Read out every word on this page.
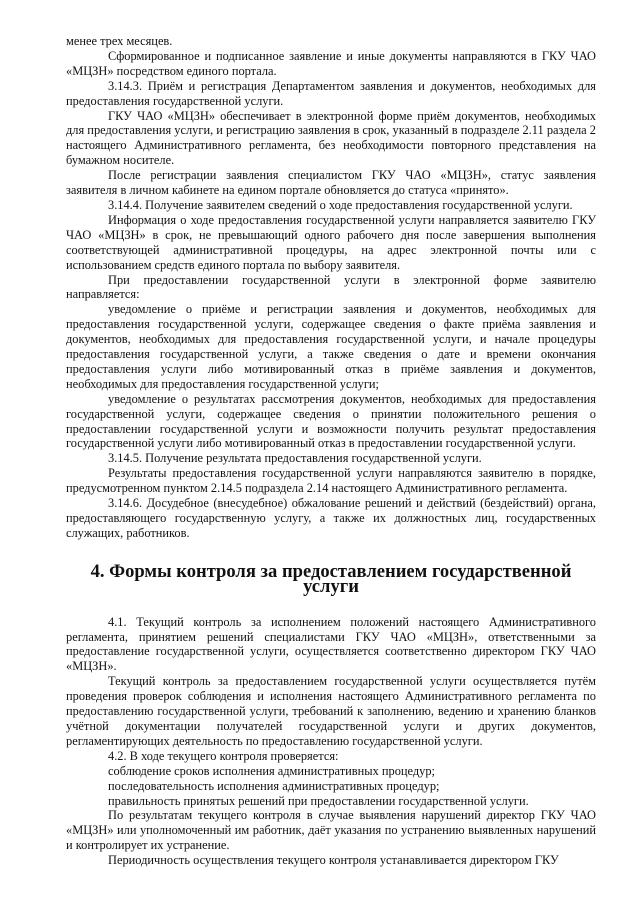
менее трех месяцев.

Сформированное и подписанное заявление и иные документы направляются в ГКУ ЧАО «МЦЗН» посредством единого портала.

3.14.3. Приём и регистрация Департаментом заявления и документов, необходимых для предоставления государственной услуги.

ГКУ ЧАО «МЦЗН» обеспечивает в электронной форме приём документов, необходимых для предоставления услуги, и регистрацию заявления в срок, указанный в подразделе 2.11 раздела 2 настоящего Административного регламента, без необходимости повторного представления на бумажном носителе.

После регистрации заявления специалистом ГКУ ЧАО «МЦЗН», статус заявления заявителя в личном кабинете на едином портале обновляется до статуса «принято».

3.14.4. Получение заявителем сведений о ходе предоставления государственной услуги.

Информация о ходе предоставления государственной услуги направляется заявителю ГКУ ЧАО «МЦЗН» в срок, не превышающий одного рабочего дня после завершения выполнения соответствующей административной процедуры, на адрес электронной почты или с использованием средств единого портала по выбору заявителя.

При предоставлении государственной услуги в электронной форме заявителю направляется:

уведомление о приёме и регистрации заявления и документов, необходимых для предоставления государственной услуги, содержащее сведения о факте приёма заявления и документов, необходимых для предоставления государственной услуги, и начале процедуры предоставления государственной услуги, а также сведения о дате и времени окончания предоставления услуги либо мотивированный отказ в приёме заявления и документов, необходимых для предоставления государственной услуги;

уведомление о результатах рассмотрения документов, необходимых для предоставления государственной услуги, содержащее сведения о принятии положительного решения о предоставлении государственной услуги и возможности получить результат предоставления государственной услуги либо мотивированный отказ в предоставлении государственной услуги.

3.14.5. Получение результата предоставления государственной услуги.

Результаты предоставления государственной услуги направляются заявителю в порядке, предусмотренном пунктом 2.14.5 подраздела 2.14 настоящего Административного регламента.

3.14.6. Досудебное (внесудебное) обжалование решений и действий (бездействий) органа, предоставляющего государственную услугу, а также их должностных лиц, государственных служащих, работников.

4. Формы контроля за предоставлением государственной услуги

4.1. Текущий контроль за исполнением положений настоящего Административного регламента, принятием решений специалистами ГКУ ЧАО «МЦЗН», ответственными за предоставление государственной услуги, осуществляется соответственно директором ГКУ ЧАО «МЦЗН».

Текущий контроль за предоставлением государственной услуги осуществляется путём проведения проверок соблюдения и исполнения настоящего Административного регламента по предоставлению государственной услуги, требований к заполнению, ведению и хранению бланков учётной документации получателей государственной услуги и других документов, регламентирующих деятельность по предоставлению государственной услуги.

4.2. В ходе текущего контроля проверяется:

соблюдение сроков исполнения административных процедур;

последовательность исполнения административных процедур;

правильность принятых решений при предоставлении государственной услуги.

По результатам текущего контроля в случае выявления нарушений директор ГКУ ЧАО «МЦЗН» или уполномоченный им работник, даёт указания по устранению выявленных нарушений и контролирует их устранение.

Периодичность осуществления текущего контроля устанавливается директором ГКУ
